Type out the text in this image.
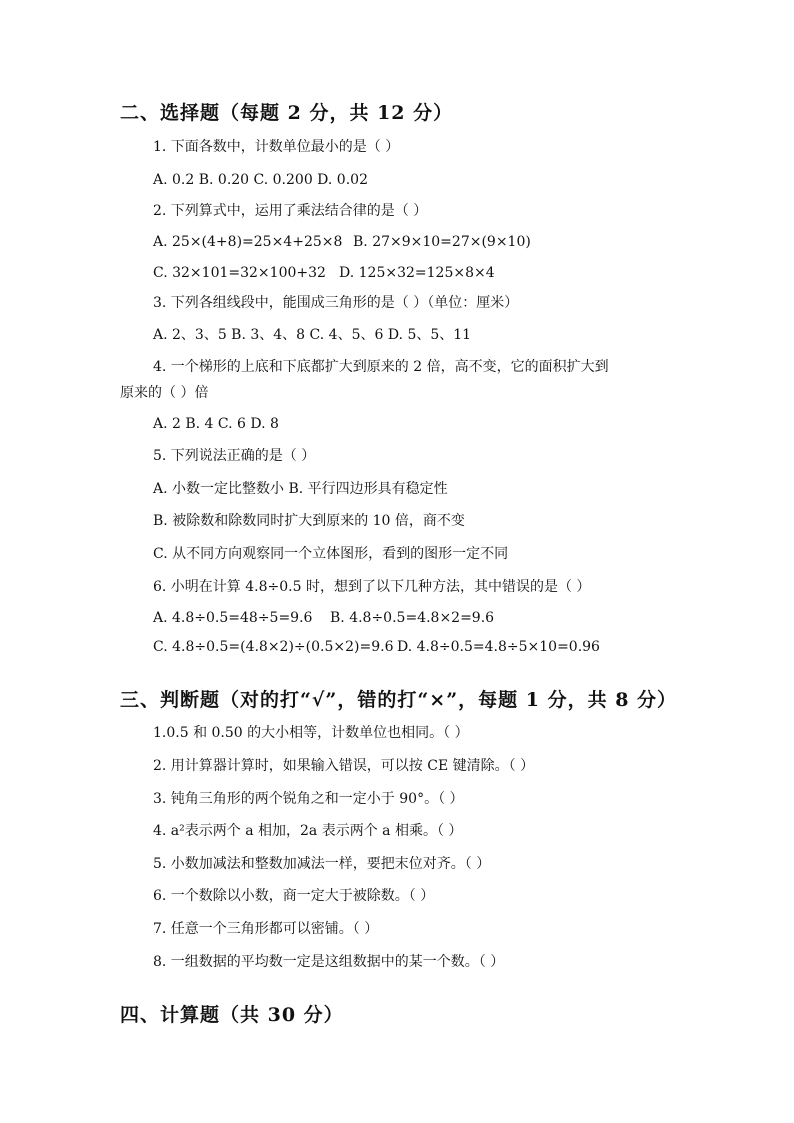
二、选择题（每题 2 分，共 12 分）
1. 下面各数中，计数单位最小的是（ ）
A. 0.2 B. 0.20 C. 0.200 D. 0.02
2. 下列算式中，运用了乘法结合律的是（ ）
A. 25×(4+8)=25×4+25×8 B. 27×9×10=27×(9×10)
C. 32×101=32×100+32 D. 125×32=125×8×4
3. 下列各组线段中，能围成三角形的是（ ）（单位：厘米）
A. 2、3、5 B. 3、4、8 C. 4、5、6 D. 5、5、11
4. 一个梯形的上底和下底都扩大到原来的 2 倍，高不变，它的面积扩大到
原来的（ ）倍
A. 2 B. 4 C. 6 D. 8
5. 下列说法正确的是（ ）
A. 小数一定比整数小 B. 平行四边形具有稳定性
B. 被除数和除数同时扩大到原来的 10 倍，商不变
C. 从不同方向观察同一个立体图形，看到的图形一定不同
6. 小明在计算 4.8÷0.5 时，想到了以下几种方法，其中错误的是（ ）
A. 4.8÷0.5=48÷5=9.6 B. 4.8÷0.5=4.8×2=9.6
C. 4.8÷0.5=(4.8×2)÷(0.5×2)=9.6 D. 4.8÷0.5=4.8÷5×10=0.96
三、判断题（对的打“√”，错的打“×”，每题 1 分，共 8 分）
1.0.5 和 0.50 的大小相等，计数单位也相同。（ ）
2. 用计算器计算时，如果输入错误，可以按 CE 键清除。（ ）
3. 钝角三角形的两个锐角之和一定小于 90°。（ ）
4. a²表示两个 a 相加，2a 表示两个 a 相乘。（ ）
5. 小数加减法和整数加减法一样，要把末位对齐。（ ）
6. 一个数除以小数，商一定大于被除数。（ ）
7. 任意一个三角形都可以密铺。（ ）
8. 一组数据的平均数一定是这组数据中的某一个数。（ ）
四、计算题（共 30 分）
